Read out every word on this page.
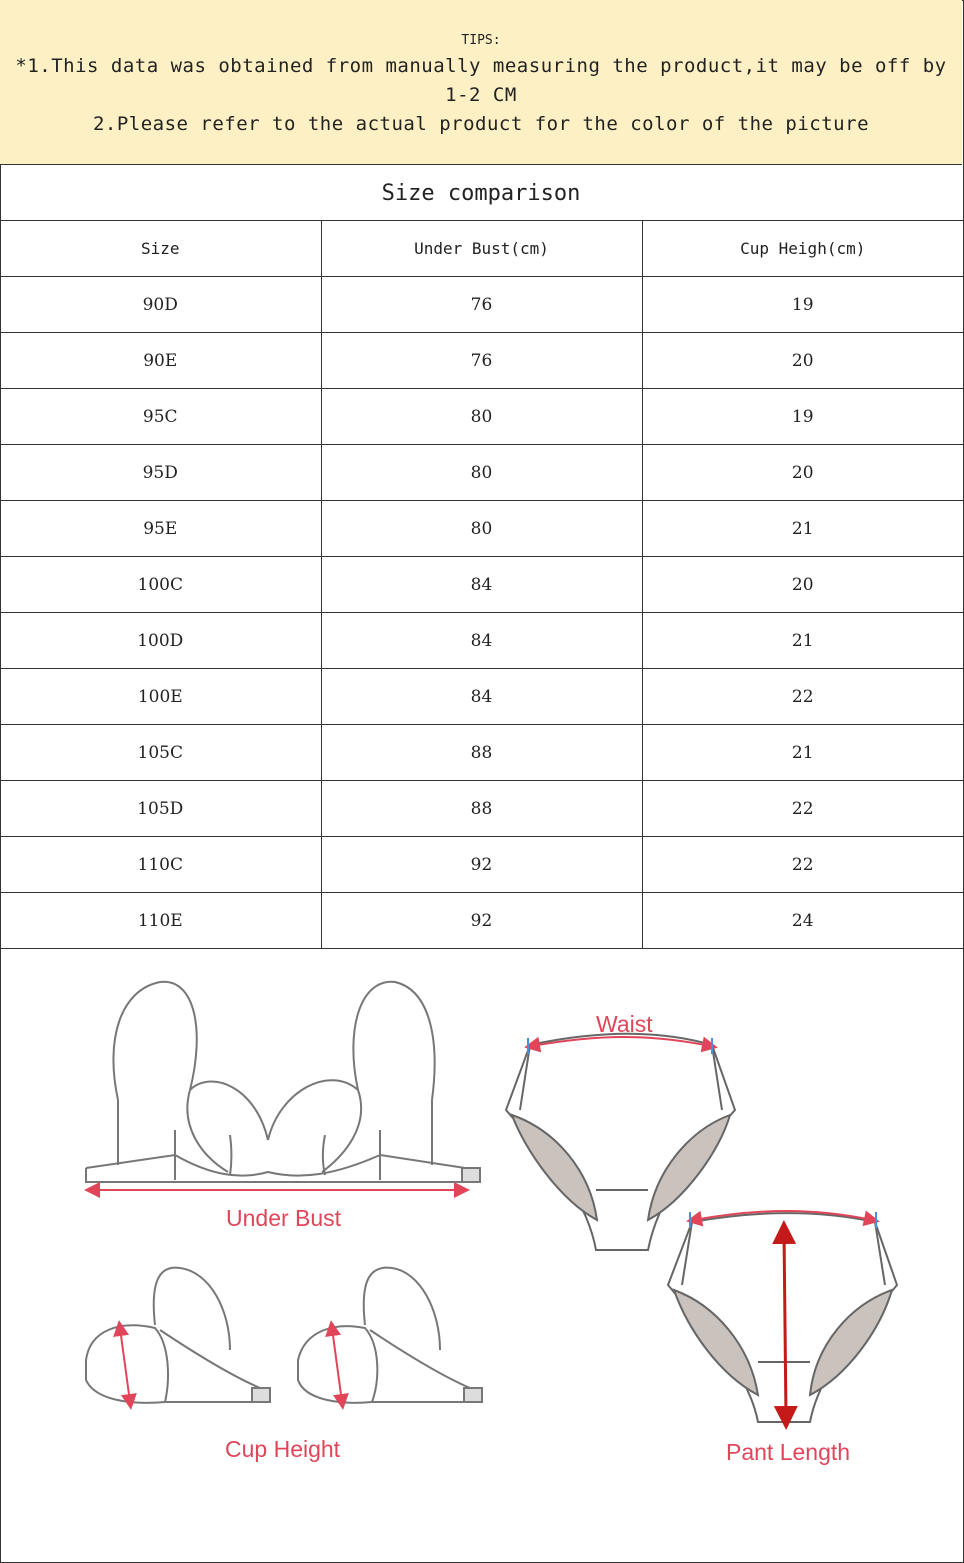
TIPS:
*1.This data was obtained from manually measuring the product,it may be off by 1-2 CM
2.Please refer to the actual product for the color of the picture
Size comparison
Size	Under Bust(cm)	Cup Heigh(cm)
90D	76	19
90E	76	20
95C	80	19
95D	80	20
95E	80	21
100C	84	20
100D	84	21
100E	84	22
105C	88	21
105D	88	22
110C	92	22
110E	92	24
Under Bust
Cup Height
Waist
Pant Length
